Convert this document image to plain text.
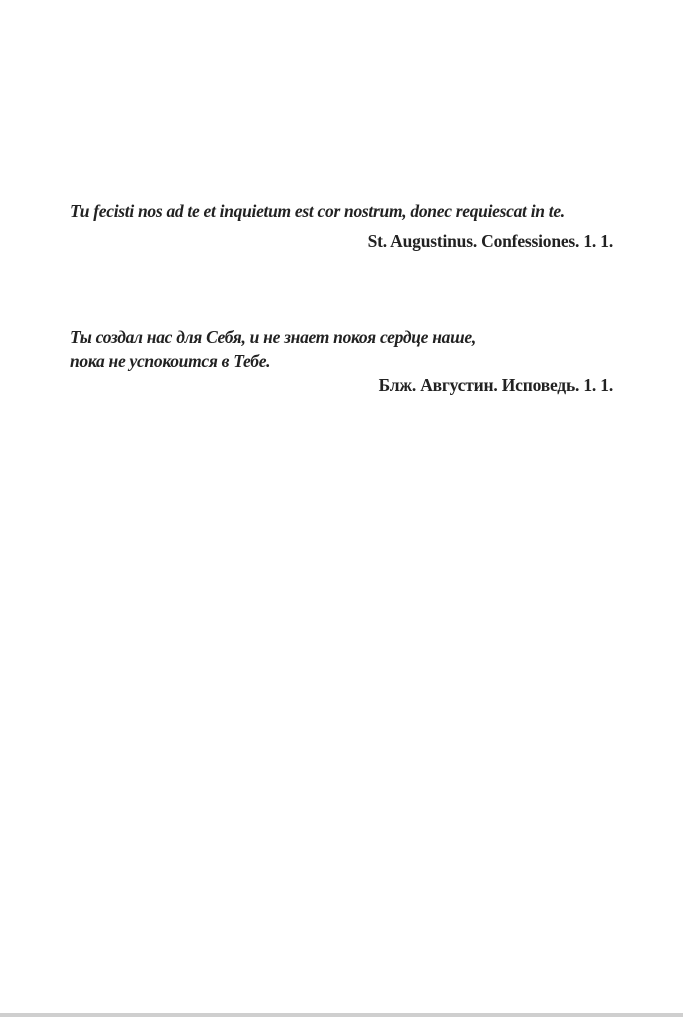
Tu fecisti nos ad te et inquietum est cor nostrum, donec requiescat in te.

St. Augustinus. Confessiones. 1. 1.

Ты создал нас для Себя, и не знает покоя сердце наше,

пока не успокоится в Тебе.

Блж. Августин. Исповедь. 1. 1.
